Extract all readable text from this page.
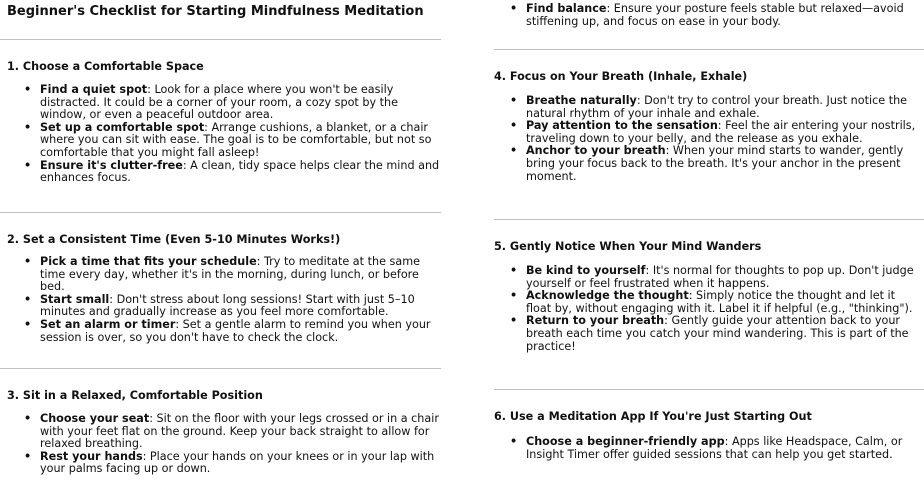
Beginner's Checklist for Starting Mindfulness Meditation
1. Choose a Comfortable Space
• Find a quiet spot: Look for a place where you won't be easily distracted. It could be a corner of your room, a cozy spot by the window, or even a peaceful outdoor area.
• Set up a comfortable spot: Arrange cushions, a blanket, or a chair where you can sit with ease. The goal is to be comfortable, but not so comfortable that you might fall asleep!
• Ensure it's clutter-free: A clean, tidy space helps clear the mind and enhances focus.
2. Set a Consistent Time (Even 5-10 Minutes Works!)
• Pick a time that fits your schedule: Try to meditate at the same time every day, whether it's in the morning, during lunch, or before bed.
• Start small: Don't stress about long sessions! Start with just 5–10 minutes and gradually increase as you feel more comfortable.
• Set an alarm or timer: Set a gentle alarm to remind you when your session is over, so you don't have to check the clock.
3. Sit in a Relaxed, Comfortable Position
• Choose your seat: Sit on the floor with your legs crossed or in a chair with your feet flat on the ground. Keep your back straight to allow for relaxed breathing.
• Rest your hands: Place your hands on your knees or in your lap with your palms facing up or down.
• Find balance: Ensure your posture feels stable but relaxed—avoid stiffening up, and focus on ease in your body.
4. Focus on Your Breath (Inhale, Exhale)
• Breathe naturally: Don't try to control your breath. Just notice the natural rhythm of your inhale and exhale.
• Pay attention to the sensation: Feel the air entering your nostrils, traveling down to your belly, and the release as you exhale.
• Anchor to your breath: When your mind starts to wander, gently bring your focus back to the breath. It's your anchor in the present moment.
5. Gently Notice When Your Mind Wanders
• Be kind to yourself: It's normal for thoughts to pop up. Don't judge yourself or feel frustrated when it happens.
• Acknowledge the thought: Simply notice the thought and let it float by, without engaging with it. Label it if helpful (e.g., "thinking").
• Return to your breath: Gently guide your attention back to your breath each time you catch your mind wandering. This is part of the practice!
6. Use a Meditation App If You're Just Starting Out
• Choose a beginner-friendly app: Apps like Headspace, Calm, or Insight Timer offer guided sessions that can help you get started.
